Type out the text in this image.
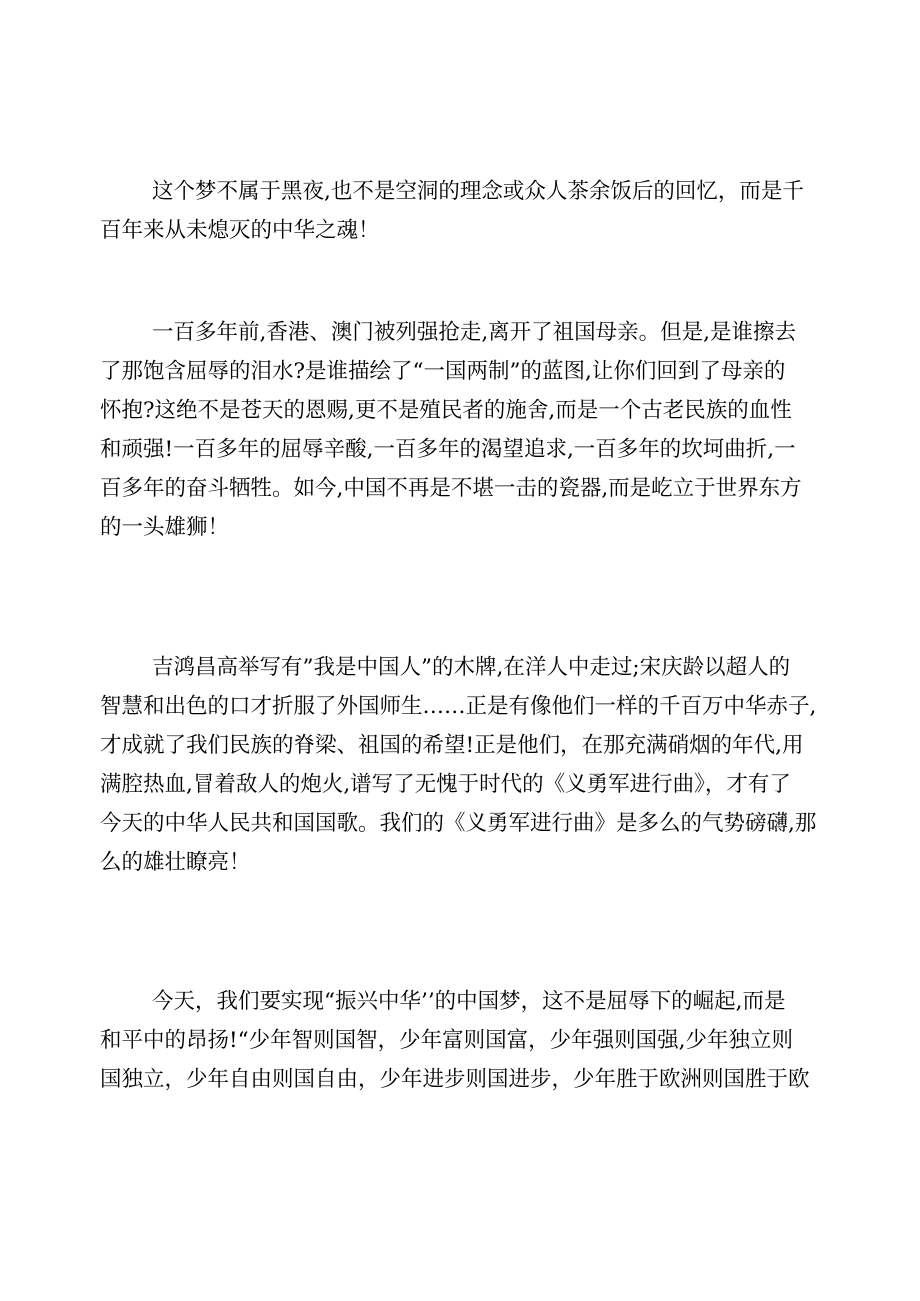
这个梦不属于黑夜,也不是空洞的理念或众人茶余饭后的回忆，而是千
百年来从未熄灭的中华之魂！
一百多年前,香港、澳门被列强抢走,离开了祖国母亲。但是,是谁擦去
了那饱含屈辱的泪水?是谁描绘了“一国两制”的蓝图,让你们回到了母亲的
怀抱?这绝不是苍天的恩赐,更不是殖民者的施舍,而是一个古老民族的血性
和顽强!一百多年的屈辱辛酸,一百多年的渴望追求,一百多年的坎坷曲折,一
百多年的奋斗牺牲。如今,中国不再是不堪一击的瓷器,而是屹立于世界东方
的一头雄狮！
吉鸿昌高举写有”我是中国人”的木牌,在洋人中走过;宋庆龄以超人的
智慧和出色的口才折服了外国师生……正是有像他们一样的千百万中华赤子,
才成就了我们民族的脊梁、祖国的希望!正是他们，在那充满硝烟的年代,用
满腔热血,冒着敌人的炮火,谱写了无愧于时代的《义勇军进行曲》，才有了
今天的中华人民共和国国歌。我们的《义勇军进行曲》是多么的气势磅礴,那
么的雄壮瞭亮！
今天，我们要实现“振兴中华’’的中国梦，这不是屈辱下的崛起,而是
和平中的昂扬!“少年智则国智，少年富则国富，少年强则国强,少年独立则
国独立，少年自由则国自由，少年进步则国进步，少年胜于欧洲则国胜于欧
